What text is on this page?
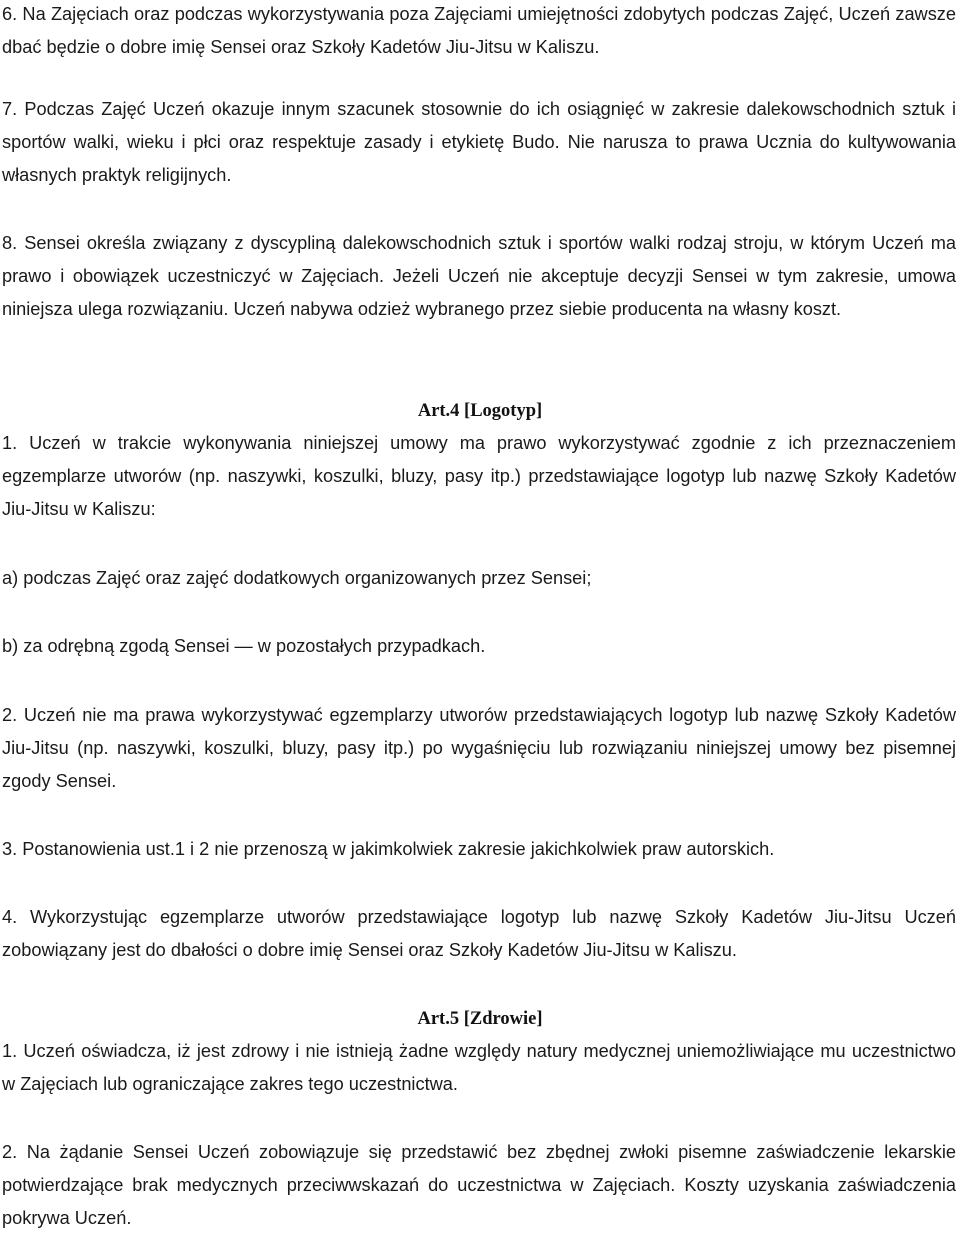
6. Na Zajęciach oraz podczas wykorzystywania poza Zajęciami umiejętności zdobytych podczas Zajęć, Uczeń zawsze dbać będzie o dobre imię Sensei oraz Szkoły Kadetów Jiu-Jitsu w Kaliszu.

7. Podczas Zajęć Uczeń okazuje innym szacunek stosownie do ich osiągnięć w zakresie dalekowschodnich sztuk i sportów walki, wieku i płci oraz respektuje zasady i etykietę Budo. Nie narusza to prawa Ucznia do kultywowania własnych praktyk religijnych.

8. Sensei określa związany z dyscypliną dalekowschodnich sztuk i sportów walki rodzaj stroju, w którym Uczeń ma prawo i obowiązek uczestniczyć w Zajęciach. Jeżeli Uczeń nie akceptuje decyzji Sensei w tym zakresie, umowa niniejsza ulega rozwiązaniu. Uczeń nabywa odzież wybranego przez siebie producenta na własny koszt.

Art.4 [Logotyp]

1. Uczeń w trakcie wykonywania niniejszej umowy ma prawo wykorzystywać zgodnie z ich przeznaczeniem egzemplarze utworów (np. naszywki, koszulki, bluzy, pasy itp.) przedstawiające logotyp lub nazwę Szkoły Kadetów Jiu-Jitsu w Kaliszu:

a) podczas Zajęć oraz zajęć dodatkowych organizowanych przez Sensei;

b) za odrębną zgodą Sensei — w pozostałych przypadkach.

2. Uczeń nie ma prawa wykorzystywać egzemplarzy utworów przedstawiających logotyp lub nazwę Szkoły Kadetów Jiu-Jitsu (np. naszywki, koszulki, bluzy, pasy itp.) po wygaśnięciu lub rozwiązaniu niniejszej umowy bez pisemnej zgody Sensei.

3. Postanowienia ust.1 i 2 nie przenoszą w jakimkolwiek zakresie jakichkolwiek praw autorskich.

4. Wykorzystując egzemplarze utworów przedstawiające logotyp lub nazwę Szkoły Kadetów Jiu-Jitsu Uczeń zobowiązany jest do dbałości o dobre imię Sensei oraz Szkoły Kadetów Jiu-Jitsu w Kaliszu.

Art.5 [Zdrowie]

1. Uczeń oświadcza, iż jest zdrowy i nie istnieją żadne względy natury medycznej uniemożliwiające mu uczestnictwo w Zajęciach lub ograniczające zakres tego uczestnictwa.

2. Na żądanie Sensei Uczeń zobowiązuje się przedstawić bez zbędnej zwłoki pisemne zaświadczenie lekarskie potwierdzające brak medycznych przeciwwskazań do uczestnictwa w Zajęciach. Koszty uzyskania zaświadczenia pokrywa Uczeń.
